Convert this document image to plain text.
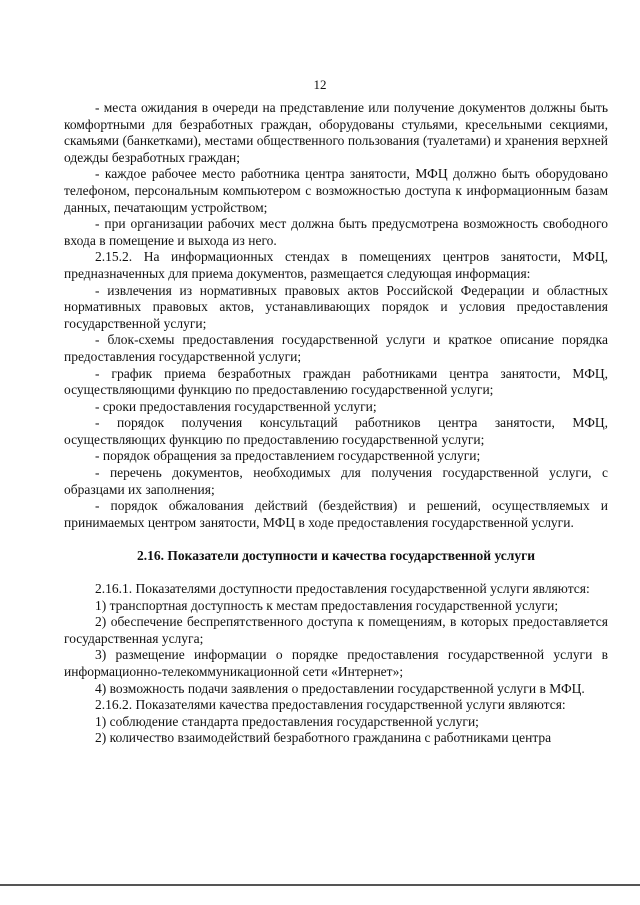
12

- места ожидания в очереди на представление или получение документов должны быть комфортными для безработных граждан, оборудованы стульями, кресельными секциями, скамьями (банкетками), местами общественного пользования (туалетами) и хранения верхней одежды безработных граждан;

- каждое рабочее место работника центра занятости, МФЦ должно быть оборудовано телефоном, персональным компьютером с возможностью доступа к информационным базам данных, печатающим устройством;

- при организации рабочих мест должна быть предусмотрена возможность свободного входа в помещение и выхода из него.

2.15.2. На информационных стендах в помещениях центров занятости, МФЦ, предназначенных для приема документов, размещается следующая информация:

- извлечения из нормативных правовых актов Российской Федерации и областных нормативных правовых актов, устанавливающих порядок и условия предоставления государственной услуги;

- блок-схемы предоставления государственной услуги и краткое описание порядка предоставления государственной услуги;

- график приема безработных граждан работниками центра занятости, МФЦ, осуществляющими функцию по предоставлению государственной услуги;

- сроки предоставления государственной услуги;

- порядок получения консультаций работников центра занятости, МФЦ, осуществляющих функцию по предоставлению государственной услуги;

- порядок обращения за предоставлением государственной услуги;

- перечень документов, необходимых для получения государственной услуги, с образцами их заполнения;

- порядок обжалования действий (бездействия) и решений, осуществляемых и принимаемых центром занятости, МФЦ в ходе предоставления государственной услуги.

2.16. Показатели доступности и качества государственной услуги

2.16.1. Показателями доступности предоставления государственной услуги являются:

1) транспортная доступность к местам предоставления государственной услуги;

2) обеспечение беспрепятственного доступа к помещениям, в которых предоставляется государственная услуга;

3) размещение информации о порядке предоставления государственной услуги в информационно-телекоммуникационной сети «Интернет»;

4) возможность подачи заявления о предоставлении государственной услуги в МФЦ.

2.16.2. Показателями качества предоставления государственной услуги являются:

1) соблюдение стандарта предоставления государственной услуги;

2) количество взаимодействий безработного гражданина с работниками центра
